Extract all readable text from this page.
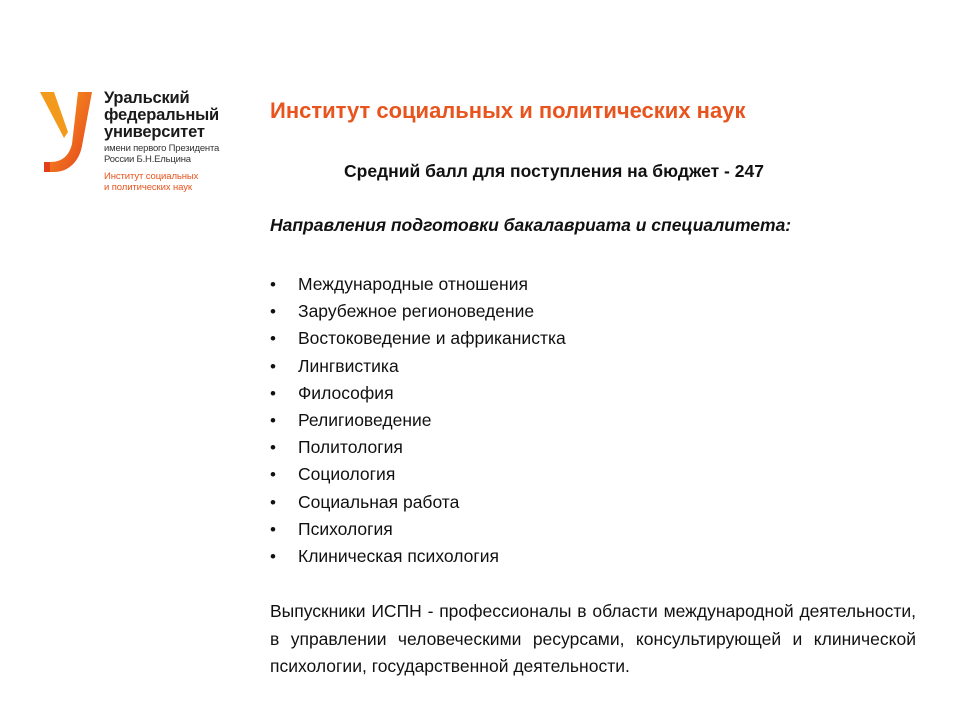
Уральский
федеральный
университет
имени первого Президента
России Б.Н.Ельцина
Институт социальных
и политических наук
Институт социальных и политических наук
Средний балл для поступления на бюджет - 247
Направления подготовки бакалавриата и специалитета:
• Международные отношения
• Зарубежное регионоведение
• Востоковедение и африканистка
• Лингвистика
• Философия
• Религиоведение
• Политология
• Социология
• Социальная работа
• Психология
• Клиническая психология
Выпускники ИСПН - профессионалы в области международной деятельности, в управлении человеческими ресурсами, консультирующей и клинической психологии, государственной деятельности.
